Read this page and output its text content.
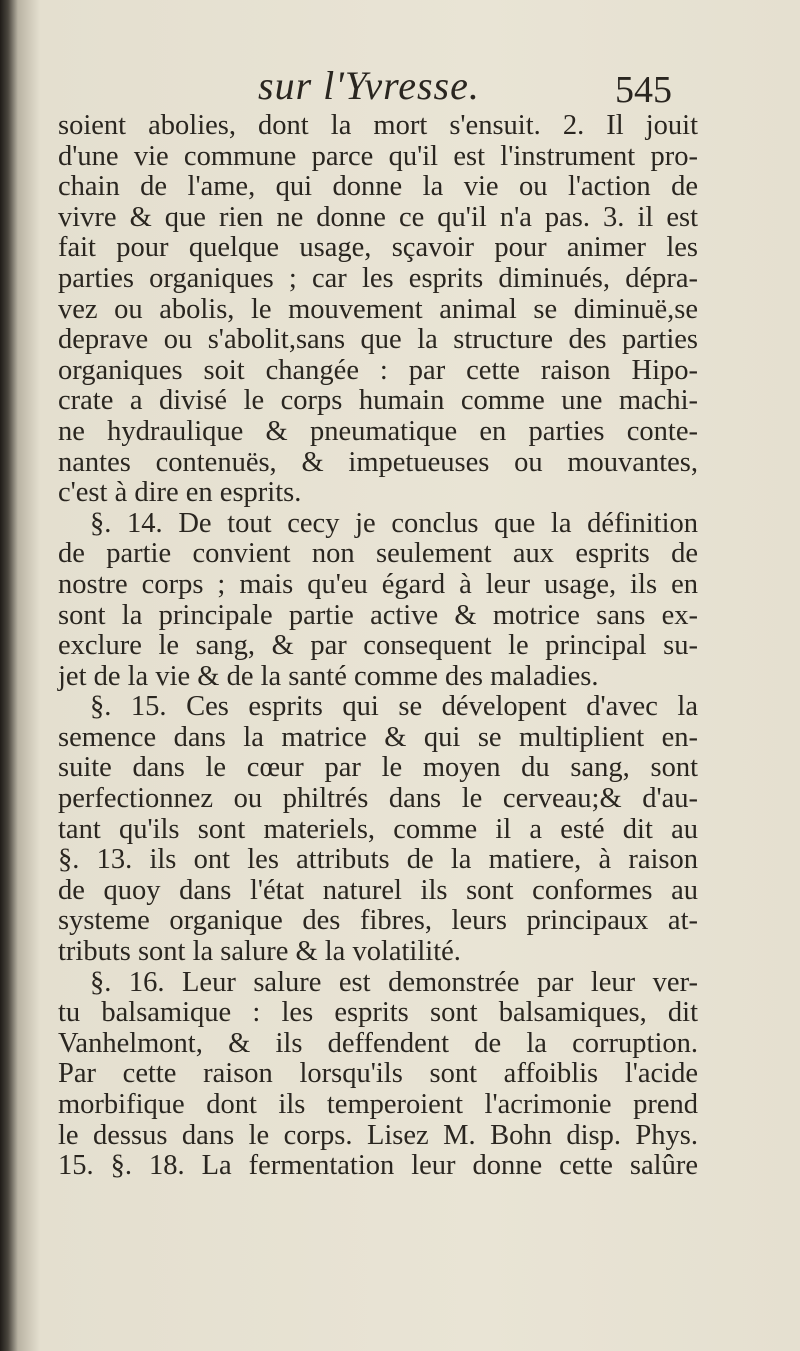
sur l'Yvresse.	545
soient abolies, dont la mort s'ensuit. 2. Il jouit
d'une vie commune parce qu'il est l'instrument pro-
chain de l'ame, qui donne la vie ou l'action de
vivre & que rien ne donne ce qu'il n'a pas. 3. il est
fait pour quelque usage, sçavoir pour animer les
parties organiques ; car les esprits diminués, dépra-
vez ou abolis, le mouvement animal se diminuë,se
deprave ou s'abolit,sans que la structure des parties
organiques soit changée : par cette raison Hipo-
crate a divisé le corps humain comme une machi-
ne hydraulique & pneumatique en parties conte-
nantes contenuës, & impetueuses ou mouvantes,
c'est à dire en esprits.
§. 14. De tout cecy je conclus que la définition
de partie convient non seulement aux esprits de
nostre corps ; mais qu'eu égard à leur usage, ils en
sont la principale partie active & motrice sans ex-
exclure le sang, & par consequent le principal su-
jet de la vie & de la santé comme des maladies.
§. 15. Ces esprits qui se dévelopent d'avec la
semence dans la matrice & qui se multiplient en-
suite dans le cœur par le moyen du sang, sont
perfectionnez ou philtrés dans le cerveau;& d'au-
tant qu'ils sont materiels, comme il a esté dit au
§. 13. ils ont les attributs de la matiere, à raison
de quoy dans l'état naturel ils sont conformes au
systeme organique des fibres, leurs principaux at-
tributs sont la salure & la volatilité.
§. 16. Leur salure est demonstrée par leur ver-
tu balsamique : les esprits sont balsamiques, dit
Vanhelmont, & ils deffendent de la corruption.
Par cette raison lorsqu'ils sont affoiblis l'acide
morbifique dont ils temperoient l'acrimonie prend
le dessus dans le corps. Lisez M. Bohn disp. Phys.
15. §. 18. La fermentation leur donne cette salûre
